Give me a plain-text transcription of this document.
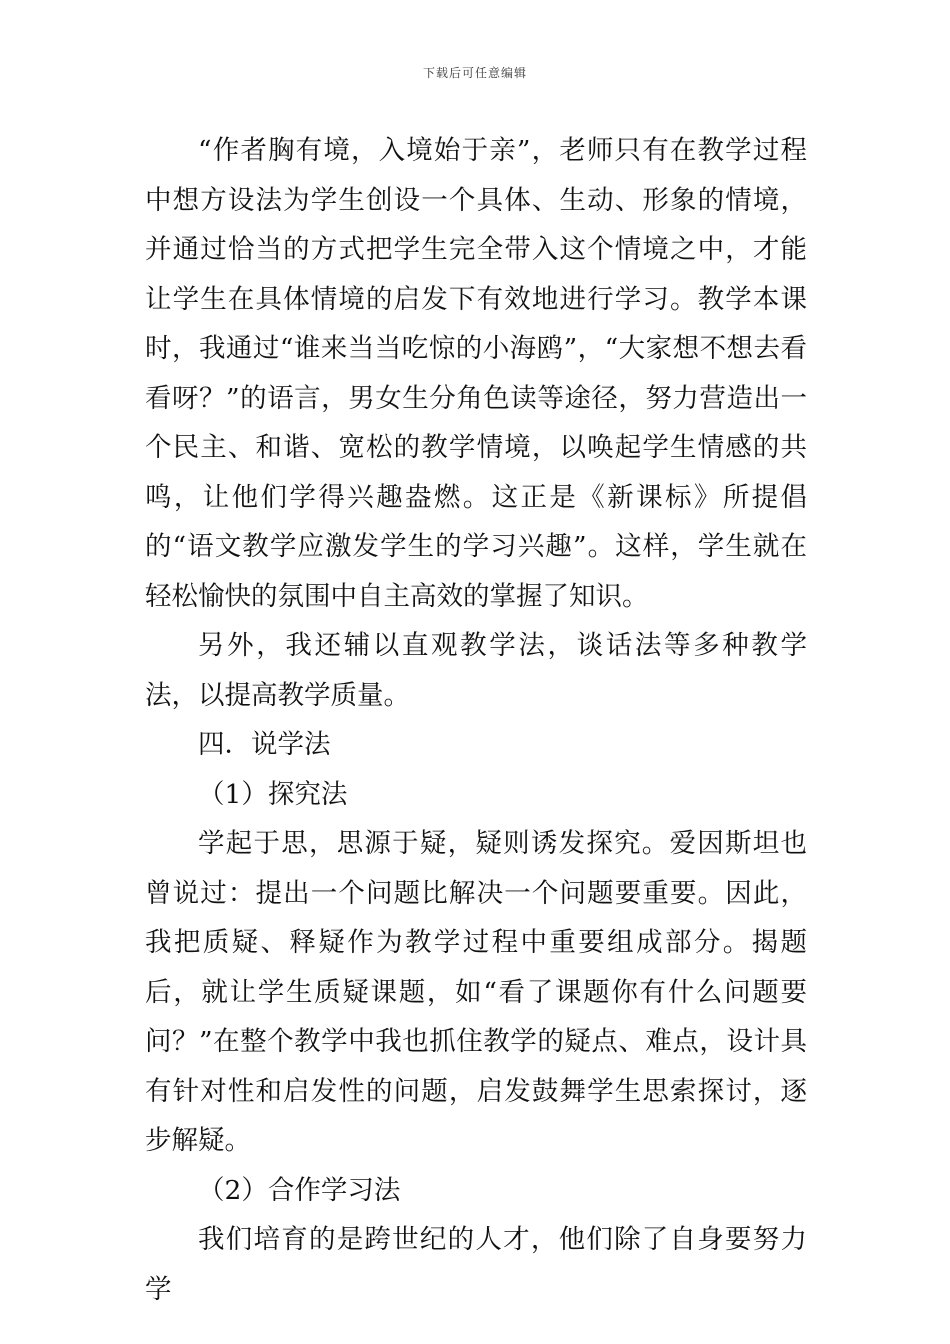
下载后可任意编辑

“作者胸有境，入境始于亲”，老师只有在教学过程中想方设法为学生创设一个具体、生动、形象的情境，并通过恰当的方式把学生完全带入这个情境之中，才能让学生在具体情境的启发下有效地进行学习。教学本课时，我通过“谁来当当吃惊的小海鸥”，“大家想不想去看看呀？”的语言，男女生分角色读等途径，努力营造出一个民主、和谐、宽松的教学情境，以唤起学生情感的共鸣，让他们学得兴趣盎燃。这正是《新课标》所提倡的“语文教学应激发学生的学习兴趣”。这样，学生就在轻松愉快的氛围中自主高效的掌握了知识。

另外，我还辅以直观教学法，谈话法等多种教学法，以提高教学质量。

四．说学法

（1）探究法

学起于思，思源于疑，疑则诱发探究。爱因斯坦也曾说过：提出一个问题比解决一个问题要重要。因此，我把质疑、释疑作为教学过程中重要组成部分。揭题后，就让学生质疑课题，如“看了课题你有什么问题要问？”在整个教学中我也抓住教学的疑点、难点，设计具有针对性和启发性的问题，启发鼓舞学生思索探讨，逐步解疑。

（2）合作学习法

我们培育的是跨世纪的人才，他们除了自身要努力学
